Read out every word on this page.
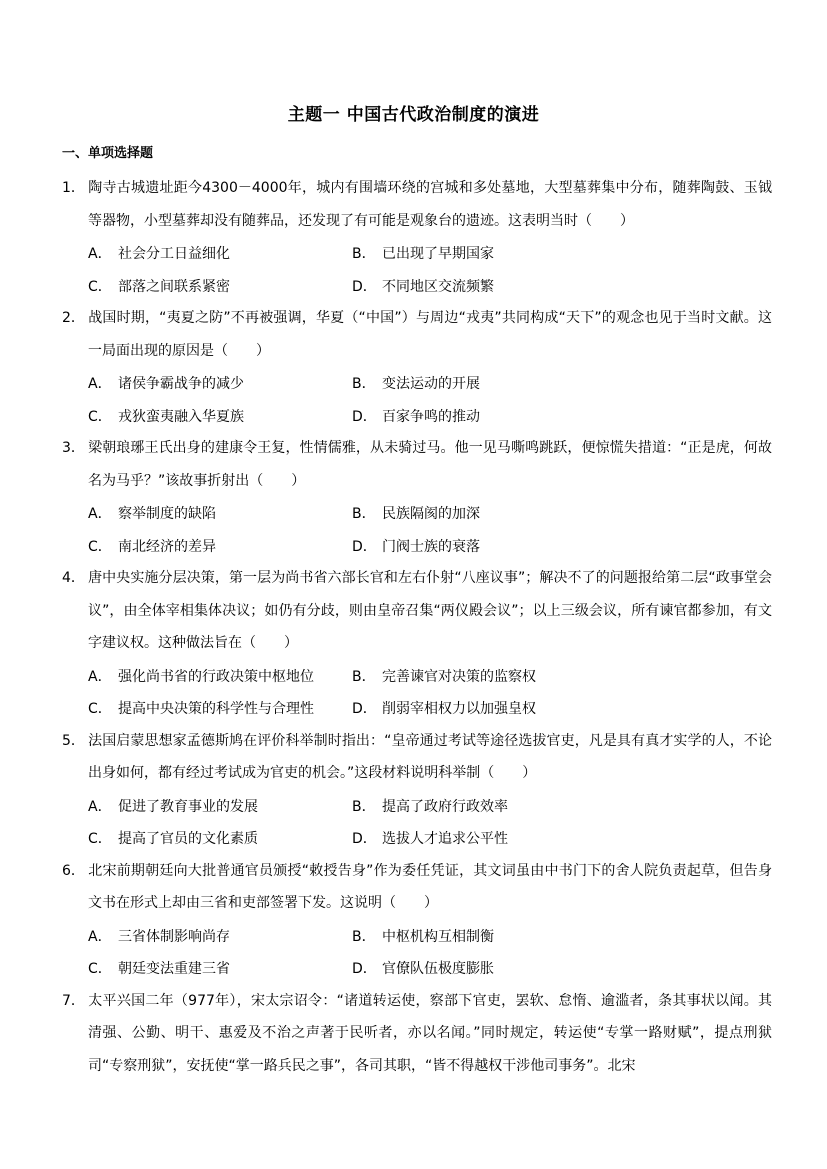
主题一 中国古代政治制度的演进
一、单项选择题
1． 陶寺古城遗址距今4300－4000年，城内有围墙环绕的宫城和多处墓地，大型墓葬集中分布，随葬陶鼓、玉钺等器物，小型墓葬却没有随葬品，还发现了有可能是观象台的遗迹。这表明当时（　　）
A． 社会分工日益细化	B． 已出现了早期国家
C． 部落之间联系紧密	D． 不同地区交流频繁
2． 战国时期，“夷夏之防”不再被强调，华夏（“中国”）与周边“戎夷”共同构成“天下”的观念也见于当时文献。这一局面出现的原因是（　　）
A． 诸侯争霸战争的减少	B． 变法运动的开展
C． 戎狄蛮夷融入华夏族	D． 百家争鸣的推动
3． 梁朝琅琊王氏出身的建康令王复，性情儒雅，从未骑过马。他一见马嘶鸣跳跃，便惊慌失措道：“正是虎，何故名为马乎？”该故事折射出（　　）
A． 察举制度的缺陷	B． 民族隔阂的加深
C． 南北经济的差异	D． 门阀士族的衰落
4． 唐中央实施分层决策，第一层为尚书省六部长官和左右仆射“八座议事”；解决不了的问题报给第二层“政事堂会议”，由全体宰相集体决议；如仍有分歧，则由皇帝召集“两仪殿会议”；以上三级会议，所有谏官都参加，有文字建议权。这种做法旨在（　　）
A． 强化尚书省的行政决策中枢地位	B． 完善谏官对决策的监察权
C． 提高中央决策的科学性与合理性	D． 削弱宰相权力以加强皇权
5． 法国启蒙思想家孟德斯鸠在评价科举制时指出：“皇帝通过考试等途径选拔官吏，凡是具有真才实学的人，不论出身如何，都有经过考试成为官吏的机会。”这段材料说明科举制（　　）
A． 促进了教育事业的发展	B． 提高了政府行政效率
C． 提高了官员的文化素质	D． 选拔人才追求公平性
6． 北宋前期朝廷向大批普通官员颁授“敕授告身”作为委任凭证，其文词虽由中书门下的舍人院负责起草，但告身文书在形式上却由三省和吏部签署下发。这说明（　　）
A． 三省体制影响尚存	B． 中枢机构互相制衡
C． 朝廷变法重建三省	D． 官僚队伍极度膨胀
7． 太平兴国二年（977年），宋太宗诏令：“诸道转运使，察部下官吏，罢软、怠惰、逾滥者，条其事状以闻。其清强、公勤、明干、惠爱及不治之声著于民听者，亦以名闻。”同时规定，转运使“专掌一路财赋”，提点刑狱司“专察刑狱”，安抚使“掌一路兵民之事”，各司其职，“皆不得越权干涉他司事务”。北宋
